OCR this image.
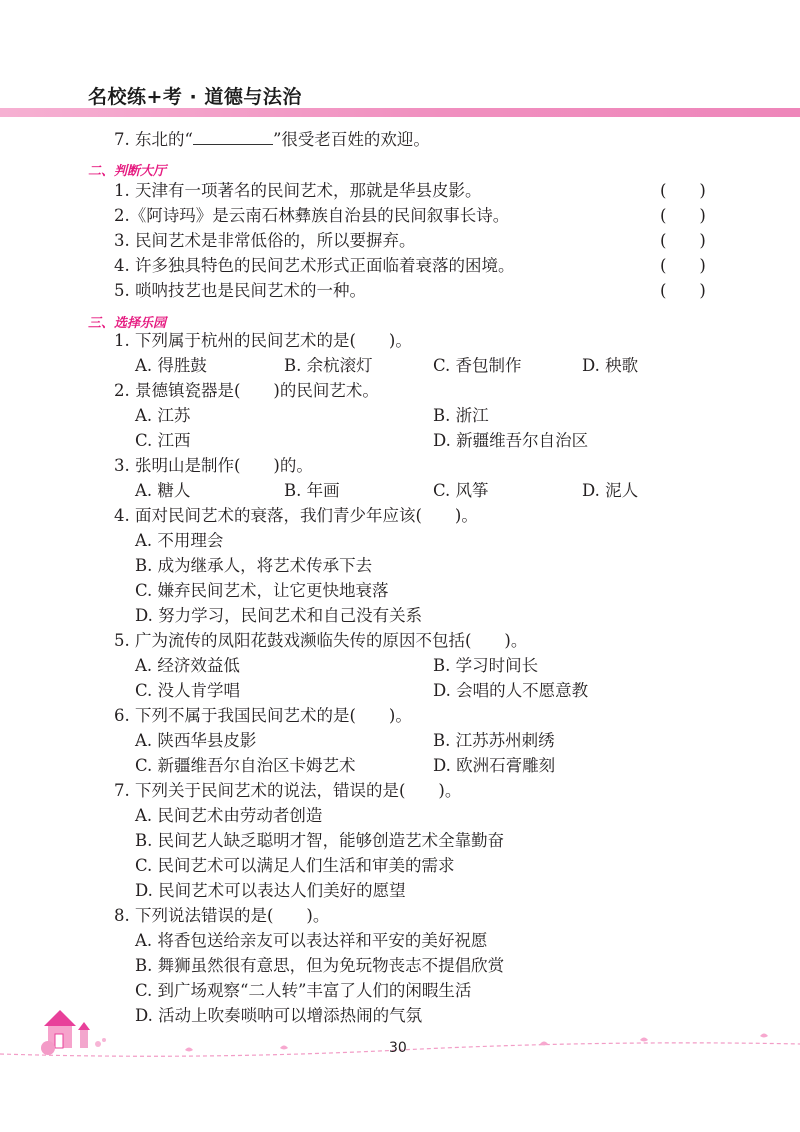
名校练+考 · 道德与法治
7. 东北的“	”很受老百姓的欢迎。
二、判断大厅
1. 天津有一项著名的民间艺术，那就是华县皮影。	(　　)
2.《阿诗玛》是云南石林彝族自治县的民间叙事长诗。	(　　)
3. 民间艺术是非常低俗的，所以要摒弃。	(　　)
4. 许多独具特色的民间艺术形式正面临着衰落的困境。	(　　)
5. 唢呐技艺也是民间艺术的一种。	(　　)
三、选择乐园
1. 下列属于杭州的民间艺术的是(　　)。
A. 得胜鼓	B. 余杭滚灯	C. 香包制作	D. 秧歌
2. 景德镇瓷器是(　　)的民间艺术。
A. 江苏	B. 浙江
C. 江西	D. 新疆维吾尔自治区
3. 张明山是制作(　　)的。
A. 糖人	B. 年画	C. 风筝	D. 泥人
4. 面对民间艺术的衰落，我们青少年应该(　　)。
A. 不用理会
B. 成为继承人，将艺术传承下去
C. 嫌弃民间艺术，让它更快地衰落
D. 努力学习，民间艺术和自己没有关系
5. 广为流传的凤阳花鼓戏濒临失传的原因不包括(　　)。
A. 经济效益低	B. 学习时间长
C. 没人肯学唱	D. 会唱的人不愿意教
6. 下列不属于我国民间艺术的是(　　)。
A. 陕西华县皮影	B. 江苏苏州刺绣
C. 新疆维吾尔自治区卡姆艺术	D. 欧洲石膏雕刻
7. 下列关于民间艺术的说法，错误的是(　　)。
A. 民间艺术由劳动者创造
B. 民间艺人缺乏聪明才智，能够创造艺术全靠勤奋
C. 民间艺术可以满足人们生活和审美的需求
D. 民间艺术可以表达人们美好的愿望
8. 下列说法错误的是(　　)。
A. 将香包送给亲友可以表达祥和平安的美好祝愿
B. 舞狮虽然很有意思，但为免玩物丧志不提倡欣赏
C. 到广场观察“二人转”丰富了人们的闲暇生活
D. 活动上吹奏唢呐可以增添热闹的气氛
30
